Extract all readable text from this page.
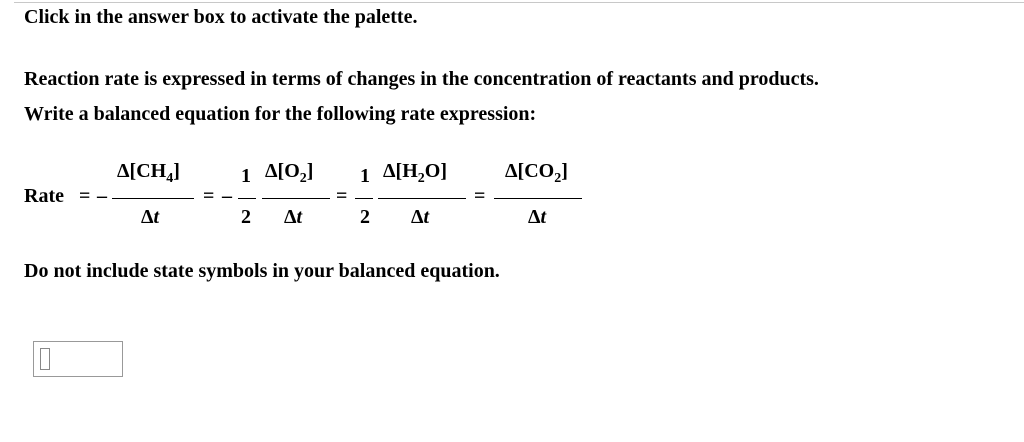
Click in the answer box to activate the palette.
Reaction rate is expressed in terms of changes in the concentration of reactants and products.
Write a balanced equation for the following rate expression:
Rate = –
$\Delta[CH_4]$
Δt
= –
1
2
$\Delta[O_2]$
Δt
=
1
2
$\Delta[H_2O]$
Δt
=
$\Delta[CO_2]$
Δt
Do not include state symbols in your balanced equation.
